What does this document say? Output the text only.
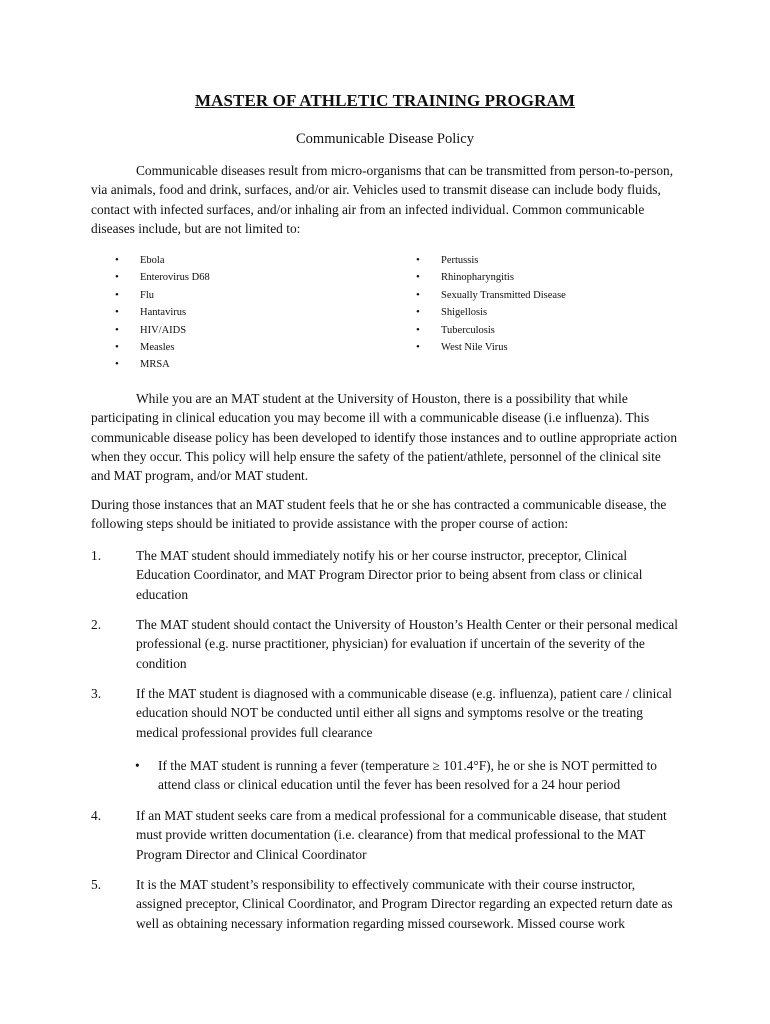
MASTER OF ATHLETIC TRAINING PROGRAM
Communicable Disease Policy

Communicable diseases result from micro-organisms that can be transmitted from person-to-person, via animals, food and drink, surfaces, and/or air. Vehicles used to transmit disease can include body fluids, contact with infected surfaces, and/or inhaling air from an infected individual. Common communicable diseases include, but are not limited to:

• Ebola
• Enterovirus D68
• Flu
• Hantavirus
• HIV/AIDS
• Measles
• MRSA
• Pertussis
• Rhinopharyngitis
• Sexually Transmitted Disease
• Shigellosis
• Tuberculosis
• West Nile Virus

While you are an MAT student at the University of Houston, there is a possibility that while participating in clinical education you may become ill with a communicable disease (i.e influenza). This communicable disease policy has been developed to identify those instances and to outline appropriate action when they occur. This policy will help ensure the safety of the patient/athlete, personnel of the clinical site and MAT program, and/or MAT student.

During those instances that an MAT student feels that he or she has contracted a communicable disease, the following steps should be initiated to provide assistance with the proper course of action:

1.	The MAT student should immediately notify his or her course instructor, preceptor, Clinical Education Coordinator, and MAT Program Director prior to being absent from class or clinical education
2.	The MAT student should contact the University of Houston’s Health Center or their personal medical professional (e.g. nurse practitioner, physician) for evaluation if uncertain of the severity of the condition
3.	If the MAT student is diagnosed with a communicable disease (e.g. influenza), patient care / clinical education should NOT be conducted until either all signs and symptoms resolve or the treating medical professional provides full clearance
• If the MAT student is running a fever (temperature ≥ 101.4°F), he or she is NOT permitted to attend class or clinical education until the fever has been resolved for a 24 hour period
4.	If an MAT student seeks care from a medical professional for a communicable disease, that student must provide written documentation (i.e. clearance) from that medical professional to the MAT Program Director and Clinical Coordinator
5.	It is the MAT student’s responsibility to effectively communicate with their course instructor, assigned preceptor, Clinical Coordinator, and Program Director regarding an expected return date as well as obtaining necessary information regarding missed coursework. Missed course work
